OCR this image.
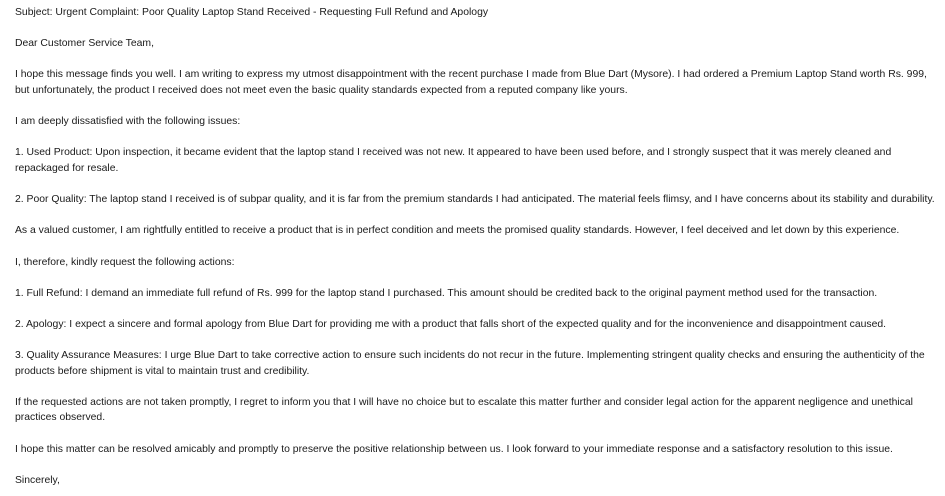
Subject: Urgent Complaint: Poor Quality Laptop Stand Received - Requesting Full Refund and Apology

Dear Customer Service Team,

I hope this message finds you well. I am writing to express my utmost disappointment with the recent purchase I made from Blue Dart (Mysore). I had ordered a Premium Laptop Stand worth Rs. 999, but unfortunately, the product I received does not meet even the basic quality standards expected from a reputed company like yours.

I am deeply dissatisfied with the following issues:

1. Used Product: Upon inspection, it became evident that the laptop stand I received was not new. It appeared to have been used before, and I strongly suspect that it was merely cleaned and repackaged for resale.

2. Poor Quality: The laptop stand I received is of subpar quality, and it is far from the premium standards I had anticipated. The material feels flimsy, and I have concerns about its stability and durability.

As a valued customer, I am rightfully entitled to receive a product that is in perfect condition and meets the promised quality standards. However, I feel deceived and let down by this experience.

I, therefore, kindly request the following actions:

1. Full Refund: I demand an immediate full refund of Rs. 999 for the laptop stand I purchased. This amount should be credited back to the original payment method used for the transaction.

2. Apology: I expect a sincere and formal apology from Blue Dart for providing me with a product that falls short of the expected quality and for the inconvenience and disappointment caused.

3. Quality Assurance Measures: I urge Blue Dart to take corrective action to ensure such incidents do not recur in the future. Implementing stringent quality checks and ensuring the authenticity of the products before shipment is vital to maintain trust and credibility.

If the requested actions are not taken promptly, I regret to inform you that I will have no choice but to escalate this matter further and consider legal action for the apparent negligence and unethical practices observed.

I hope this matter can be resolved amicably and promptly to preserve the positive relationship between us. I look forward to your immediate response and a satisfactory resolution to this issue.

Sincerely,
